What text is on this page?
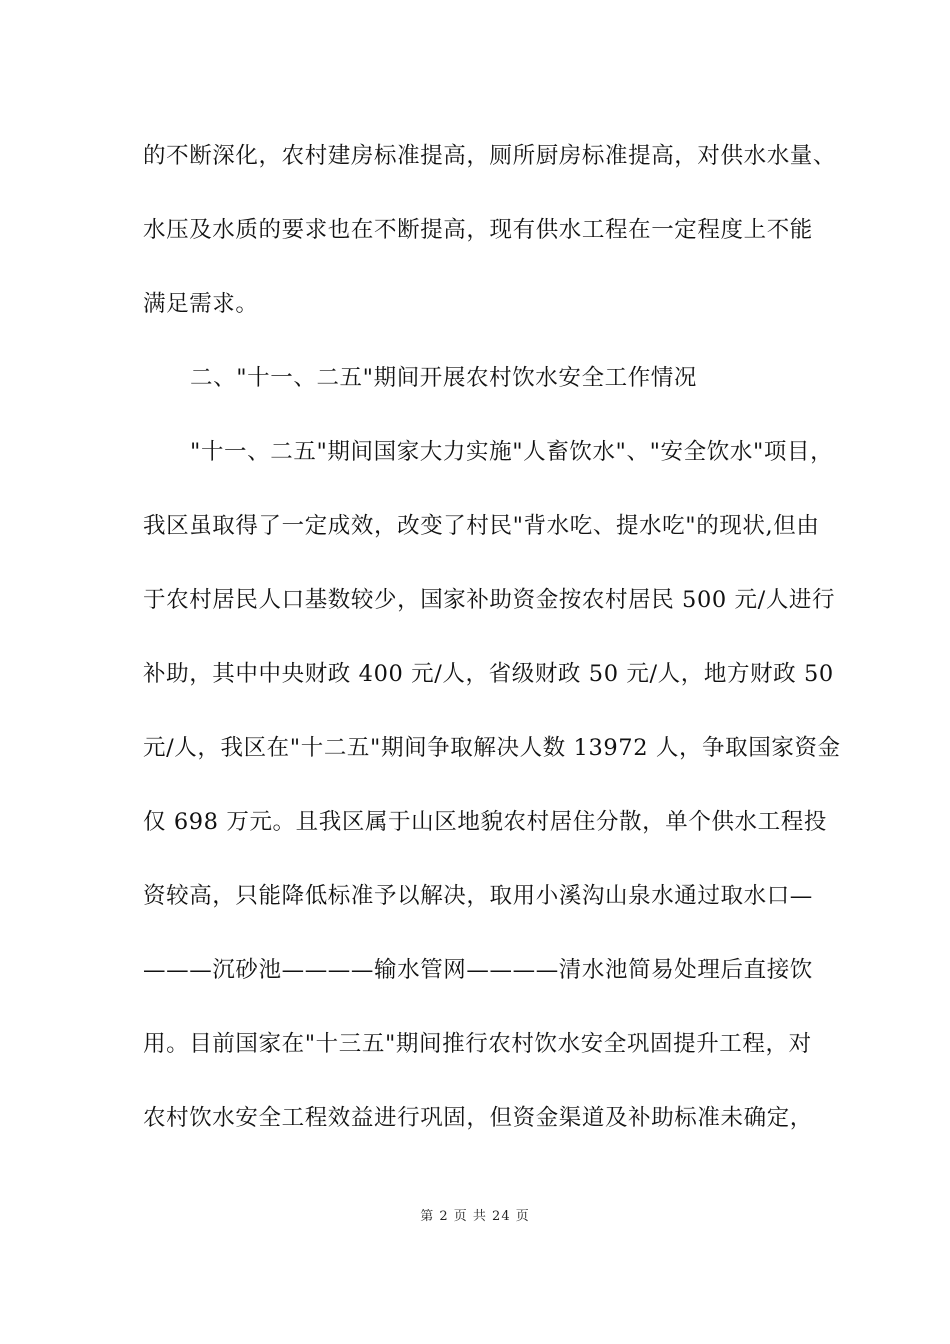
的不断深化，农村建房标准提高，厕所厨房标准提高，对供水水量、
水压及水质的要求也在不断提高，现有供水工程在一定程度上不能
满足需求。
二、"十一、二五"期间开展农村饮水安全工作情况
"十一、二五"期间国家大力实施"人畜饮水"、"安全饮水"项目，
我区虽取得了一定成效，改变了村民"背水吃、提水吃"的现状,但由
于农村居民人口基数较少，国家补助资金按农村居民 500 元/人进行
补助，其中中央财政 400 元/人，省级财政 50 元/人，地方财政 50
元/人，我区在"十二五"期间争取解决人数 13972 人，争取国家资金
仅 698 万元。且我区属于山区地貌农村居住分散，单个供水工程投
资较高，只能降低标准予以解决，取用小溪沟山泉水通过取水口—
———沉砂池————输水管网————清水池简易处理后直接饮
用。目前国家在"十三五"期间推行农村饮水安全巩固提升工程，对
农村饮水安全工程效益进行巩固，但资金渠道及补助标准未确定，
第 2 页 共 24 页
